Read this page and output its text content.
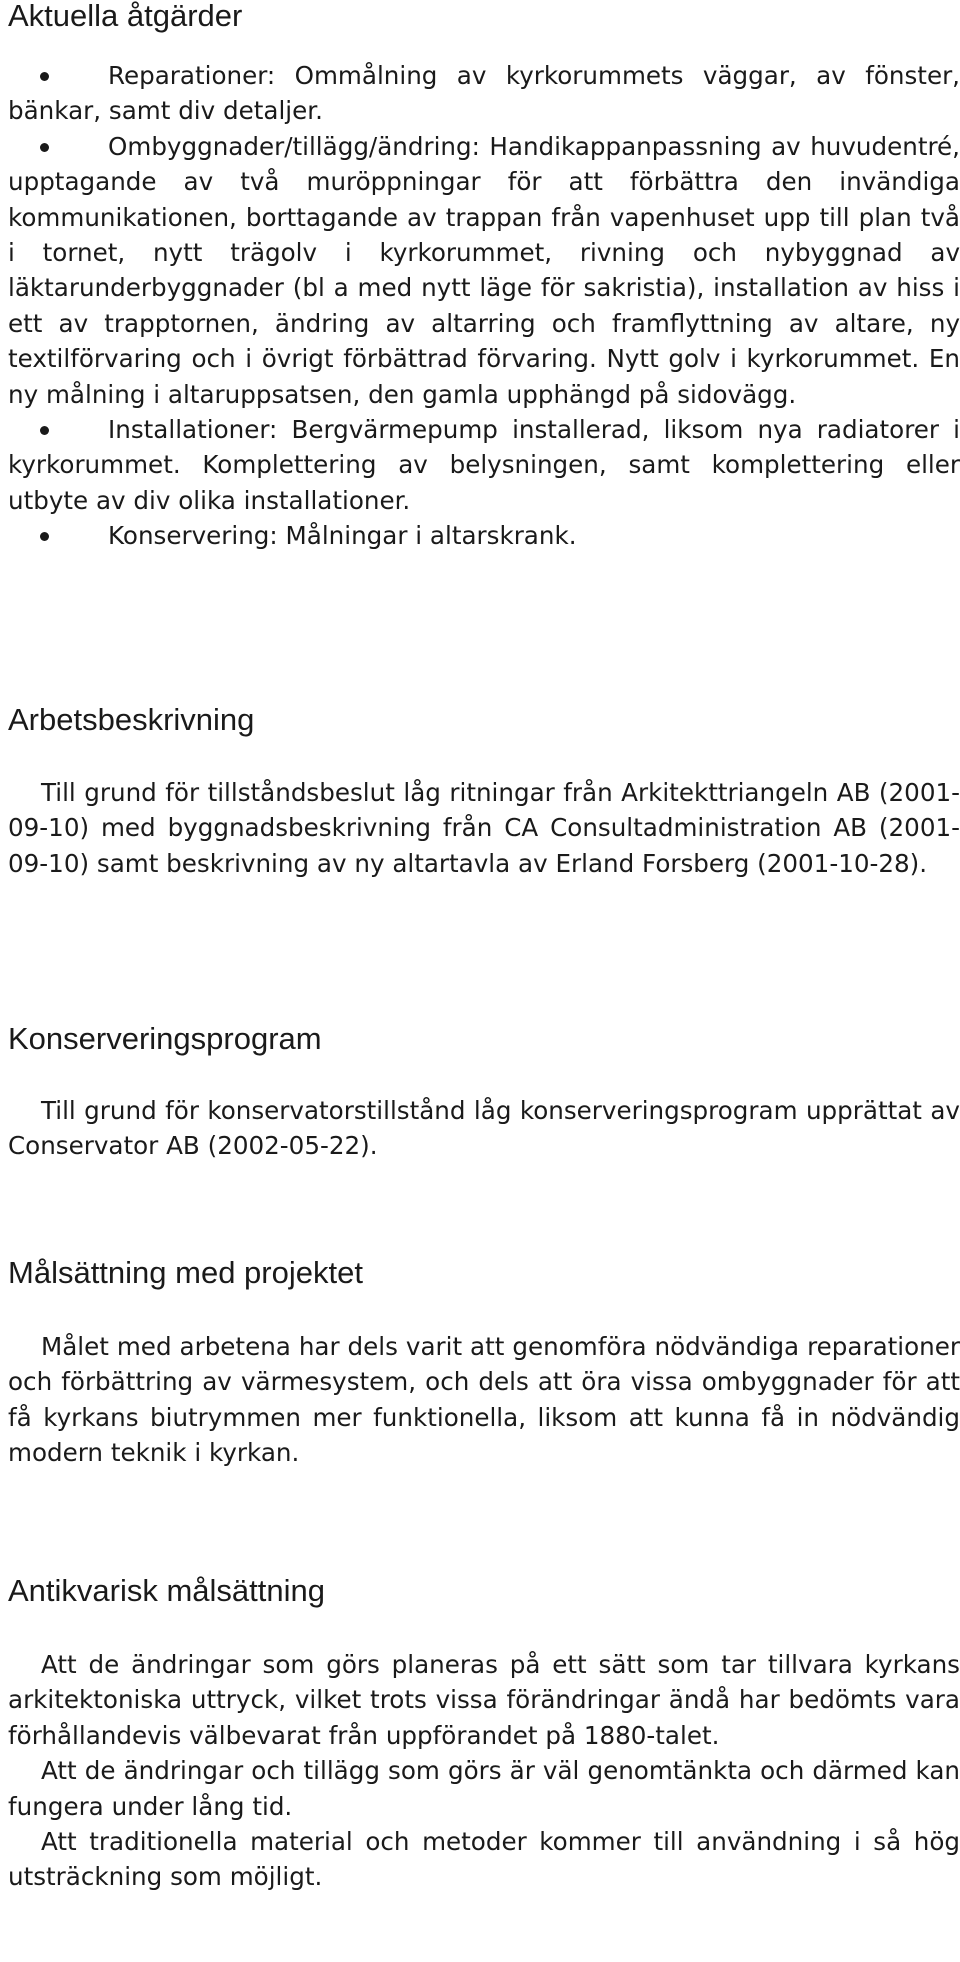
Aktuella åtgärder
Reparationer: Ommålning av kyrkorummets väggar, av fönster, bänkar, samt div detaljer.
Ombyggnader/tillägg/ändring: Handikappanpassning av huvudentré, upptagande av två muröppningar för att förbättra den invändiga kommunikationen, borttagande av trappan från vapenhuset upp till plan två i tornet, nytt trägolv i kyrkorummet, rivning och nybyggnad av läktarunderbyggnader (bl a med nytt läge för sakristia), installation av hiss i ett av trapptornen, ändring av altarring och framflyttning av altare, ny textilförvaring och i övrigt förbättrad förvaring. Nytt golv i kyrkorummet. En ny målning i altaruppsatsen, den gamla upphängd på sidovägg.
Installationer: Bergvärmepump installerad, liksom nya radiatorer i kyrkorummet. Komplettering av belysningen, samt komplettering eller utbyte av div olika installationer.
Konservering: Målningar i altarskrank.
Arbetsbeskrivning

Till grund för tillståndsbeslut låg ritningar från Arkitekttriangeln AB (2001-09-10) med byggnadsbeskrivning från CA Consultadministration AB (2001-09-10) samt beskrivning av ny altartavla av Erland Forsberg (2001-10-28).

Konserveringsprogram

Till grund för konservatorstillstånd låg konserveringsprogram upprättat av Conservator AB (2002-05-22).

Målsättning med projektet

Målet med arbetena har dels varit att genomföra nödvändiga reparationer och förbättring av värmesystem, och dels att öra vissa ombyggnader för att få kyrkans biutrymmen mer funktionella, liksom att kunna få in nödvändig modern teknik i kyrkan.

Antikvarisk målsättning

Att de ändringar som görs planeras på ett sätt som tar tillvara kyrkans arkitektoniska uttryck, vilket trots vissa förändringar ändå har bedömts vara förhållandevis välbevarat från uppförandet på 1880-talet.

Att de ändringar och tillägg som görs är väl genomtänkta och därmed kan fungera under lång tid.

Att traditionella material och metoder kommer till användning i så hög utsträckning som möjligt.
